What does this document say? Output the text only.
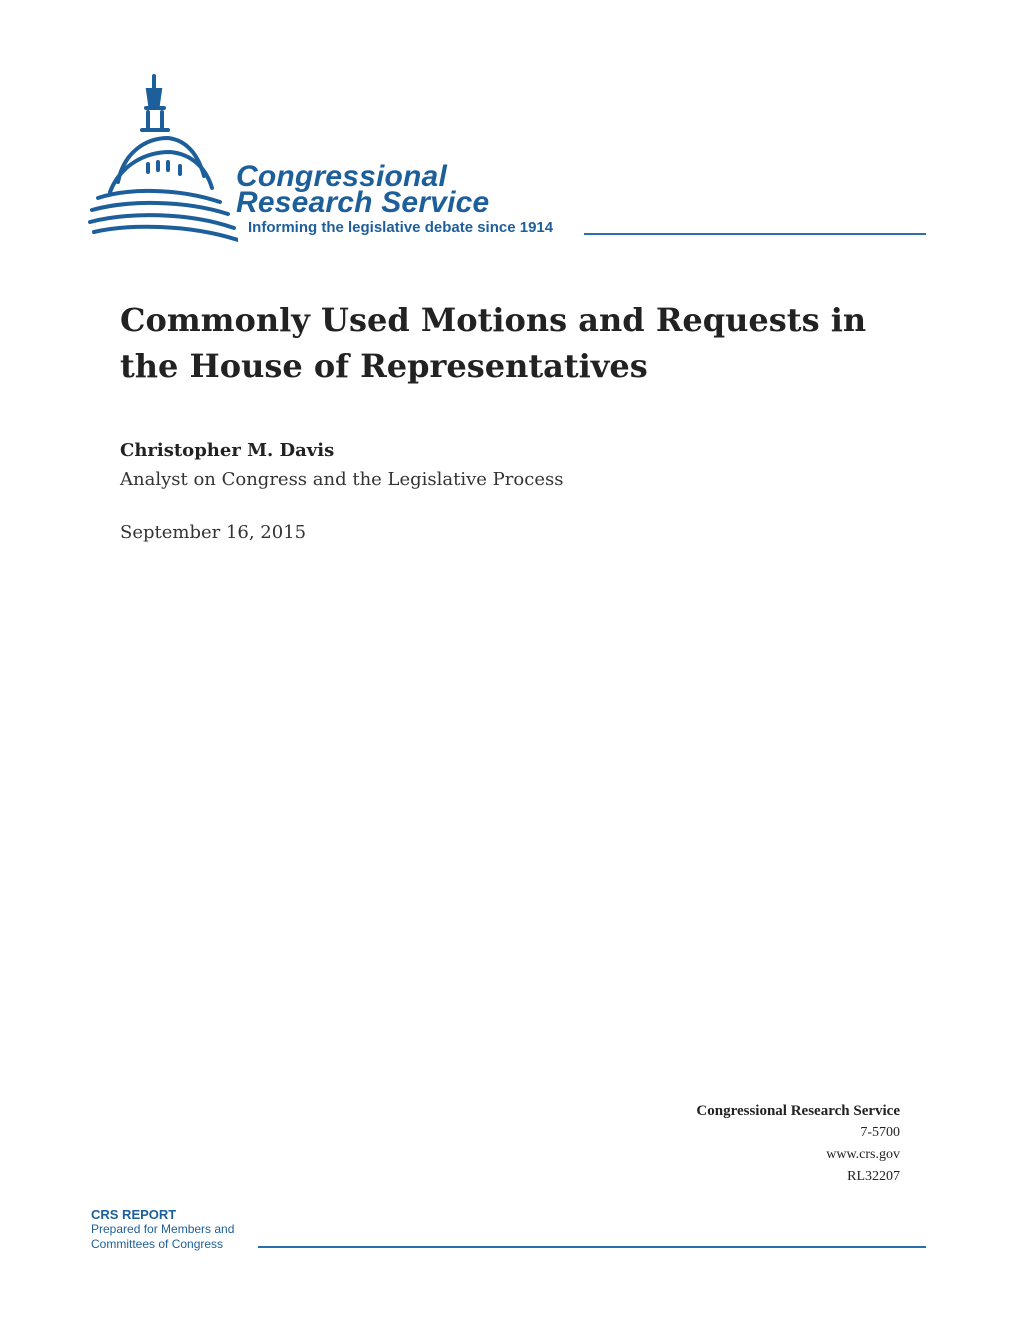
Congressional
Research Service
Informing the legislative debate since 1914
Commonly Used Motions and Requests in the House of Representatives
Christopher M. Davis
Analyst on Congress and the Legislative Process
September 16, 2015
Congressional Research Service
7-5700
www.crs.gov
RL32207
CRS REPORT
Prepared for Members and
Committees of Congress
